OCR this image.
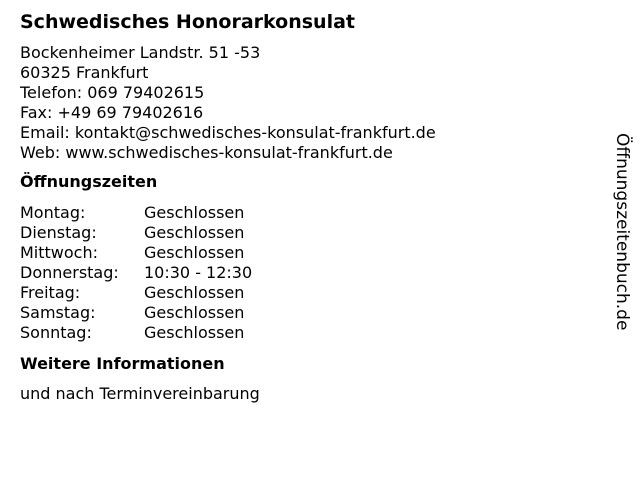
Schwedisches Honorarkonsulat
Bockenheimer Landstr. 51 -53
60325 Frankfurt
Telefon: 069 79402615
Fax: +49 69 79402616
Email: kontakt@schwedisches-konsulat-frankfurt.de
Web: www.schwedisches-konsulat-frankfurt.de
Öffnungszeiten
Montag:	Geschlossen
Dienstag:	Geschlossen
Mittwoch:	Geschlossen
Donnerstag:	10:30 - 12:30
Freitag:	Geschlossen
Samstag:	Geschlossen
Sonntag:	Geschlossen
Weitere Informationen
und nach Terminvereinbarung
Öffnungszeitenbuch.de
